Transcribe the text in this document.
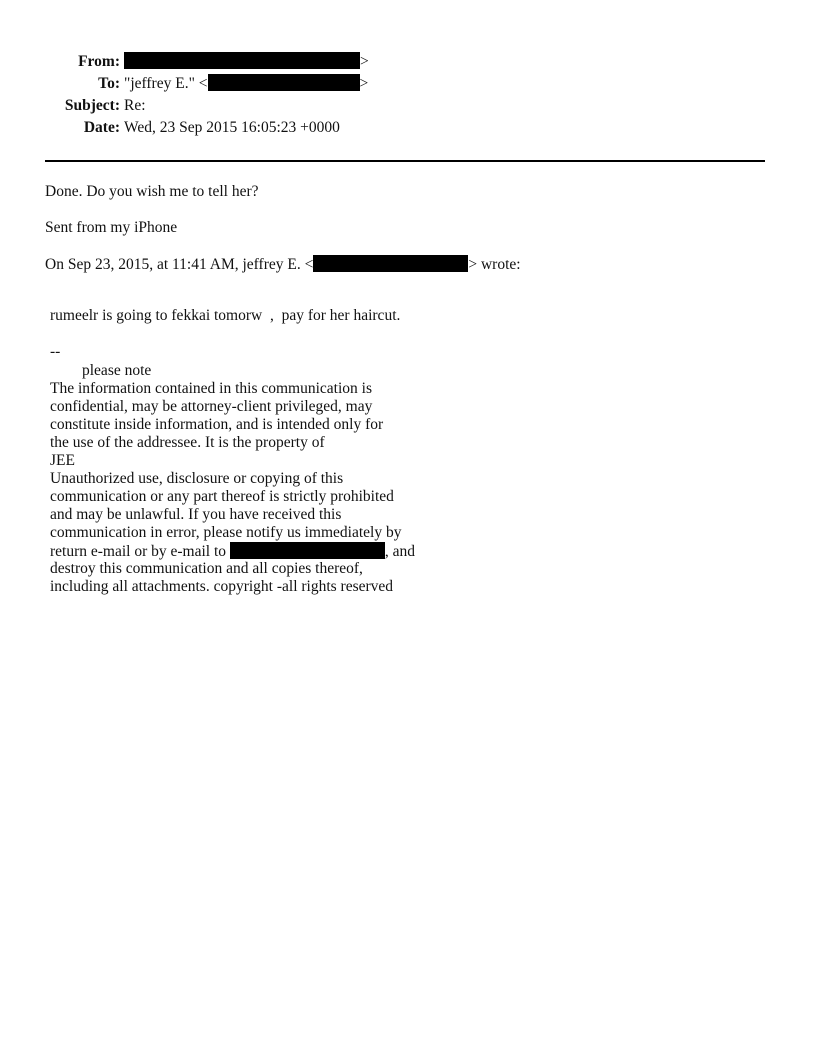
From:	>
To: "jeffrey E." <	>
Subject: Re:
Date: Wed, 23 Sep 2015 16:05:23 +0000
Done. Do you wish me to tell her?
Sent from my iPhone
On Sep 23, 2015, at 11:41 AM, jeffrey E. <	> wrote:
rumeelr is going to fekkai tomorw  ,  pay for her haircut.
--
please note
The information contained in this communication is
confidential, may be attorney-client privileged, may
constitute inside information, and is intended only for
the use of the addressee. It is the property of
JEE
Unauthorized use, disclosure or copying of this
communication or any part thereof is strictly prohibited
and may be unlawful. If you have received this
communication in error, please notify us immediately by
return e-mail or by e-mail to	, and
destroy this communication and all copies thereof,
including all attachments. copyright -all rights reserved
